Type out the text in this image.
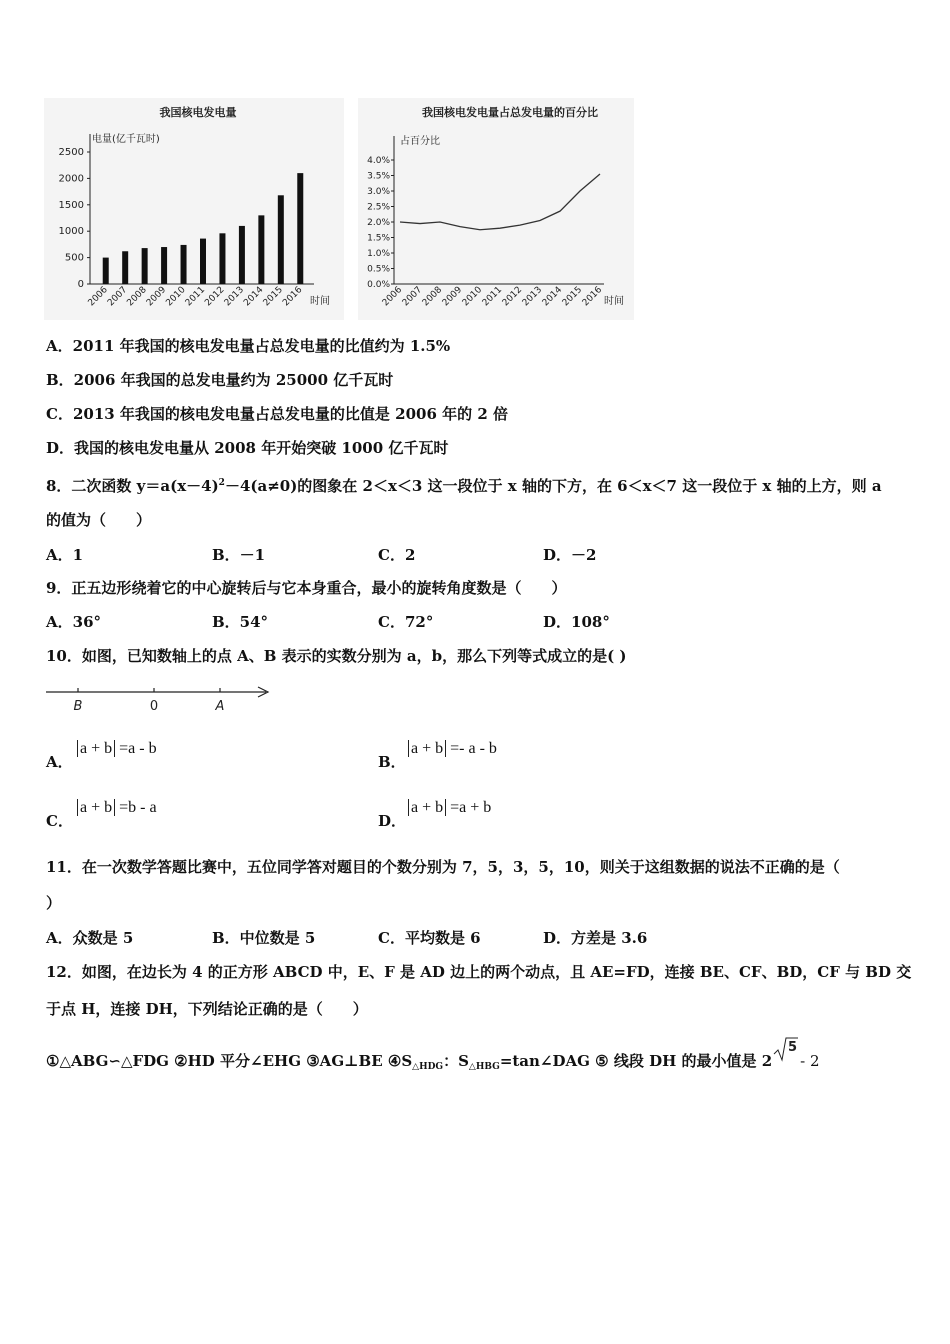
我国核电发电量
电量(亿千瓦时)
时间
0
500
1000
1500
2000
2500
2006
2007
2008
2009
2010
2011
2012
2013
2014
2015
2016
我国核电发电量占总发电量的百分比
占百分比
时间
0.0%
0.5%
1.0%
1.5%
2.0%
2.5%
3.0%
3.5%
4.0%
2006
2007
2008
2009
2010
2011
2012
2013
2014
2015
2016
A．2011 年我国的核电发电量占总发电量的比值约为 1.5%
B．2006 年我国的总发电量约为 25000 亿千瓦时
C．2013 年我国的核电发电量占总发电量的比值是 2006 年的 2 倍
D．我国的核电发电量从 2008 年开始突破 1000 亿千瓦时
8．二次函数 $y=a(x-4)^2-4(a\ne 0)$的图象在 2＜x＜3 这一段位于 x 轴的下方，在 6＜x＜7 这一段位于 x 轴的上方，则 a
的值为（　　）
A．1	B．－1	C．2	D．－2
9．正五边形绕着它的中心旋转后与它本身重合，最小的旋转角度数是（　　）
A．36°	B．54°	C．72°	D．108°
10．如图，已知数轴上的点 A、B 表示的实数分别为 a，b，那么下列等式成立的是( )
B	0	A
A．
a + b =a - b
B．
a + b =- a - b
C．
a + b =b - a
D．
a + b =a + b
11．在一次数学答题比赛中，五位同学答对题目的个数分别为 7，5，3，5，10，则关于这组数据的说法不正确的是（
）
A．众数是 5	B．中位数是 5	C．平均数是 6	D．方差是 3.6
12．如图，在边长为 4 的正方形 ABCD 中，E、F 是 AD 边上的两个动点，且 AE=FD，连接 BE、CF、BD，CF 与 BD 交
于点 H，连接 DH，下列结论正确的是（　　）
①△ABG∽△FDG ②HD 平分∠EHG ③AG⊥BE $④S_{\triangle HDG}$：$S_{\triangle HBG}=\tan\angle DAG$ ⑤ 线段 DH 的最小值是 2
5
- 2
